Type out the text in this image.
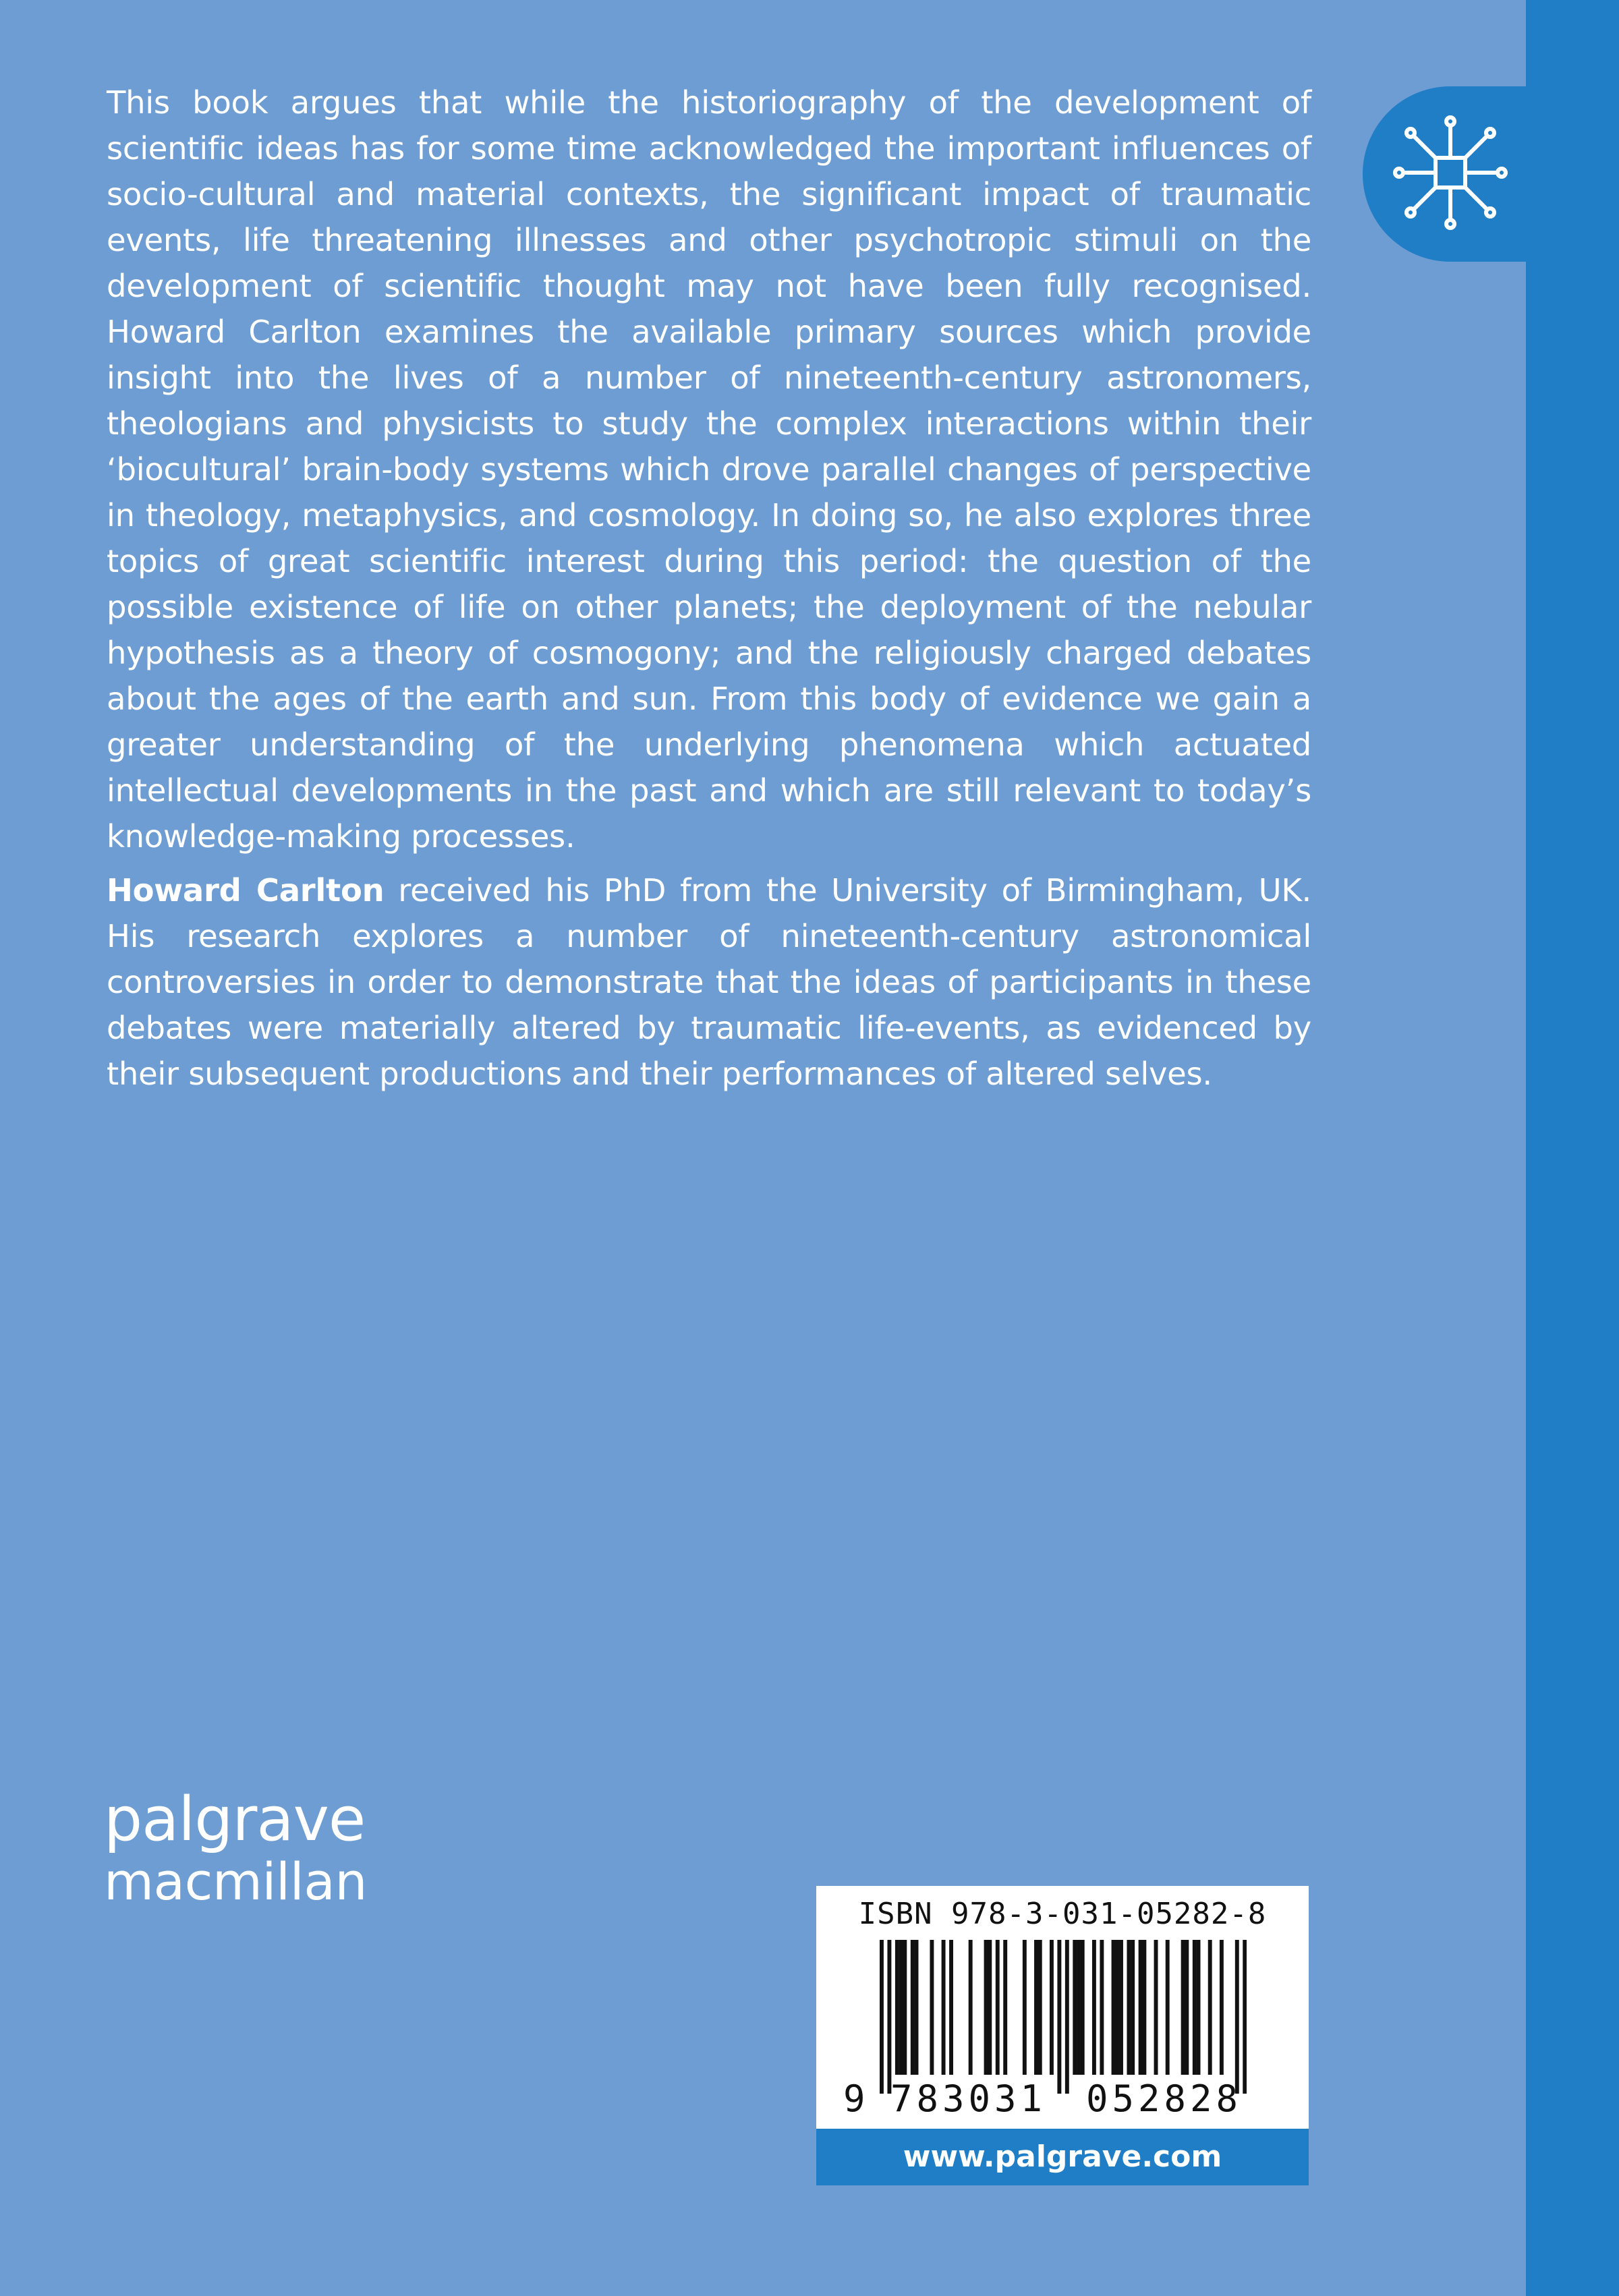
This book argues that while the historiography of the development of scientific ideas has for some time acknowledged the important influences of socio-cultural and material contexts, the significant impact of traumatic events, life threatening illnesses and other psychotropic stimuli on the development of scientific thought may not have been fully recognised. Howard Carlton examines the available primary sources which provide insight into the lives of a number of nineteenth-century astronomers, theologians and physicists to study the complex interactions within their ‘biocultural’ brain-body systems which drove parallel changes of perspective in theology, metaphysics, and cosmology. In doing so, he also explores three topics of great scientific interest during this period: the question of the possible existence of life on other planets; the deployment of the nebular hypothesis as a theory of cosmogony; and the religiously charged debates about the ages of the earth and sun. From this body of evidence we gain a greater understanding of the underlying phenomena which actuated intellectual developments in the past and which are still relevant to today’s knowledge-making processes.

Howard Carlton received his PhD from the University of Birmingham, UK. His research explores a number of nineteenth-century astronomical controversies in order to demonstrate that the ideas of participants in these debates were materially altered by traumatic life-events, as evidenced by their subsequent productions and their performances of altered selves.

palgrave
macmillan
ISBN 978-3-031-05282-8
9 783031 052828
www.palgrave.com
